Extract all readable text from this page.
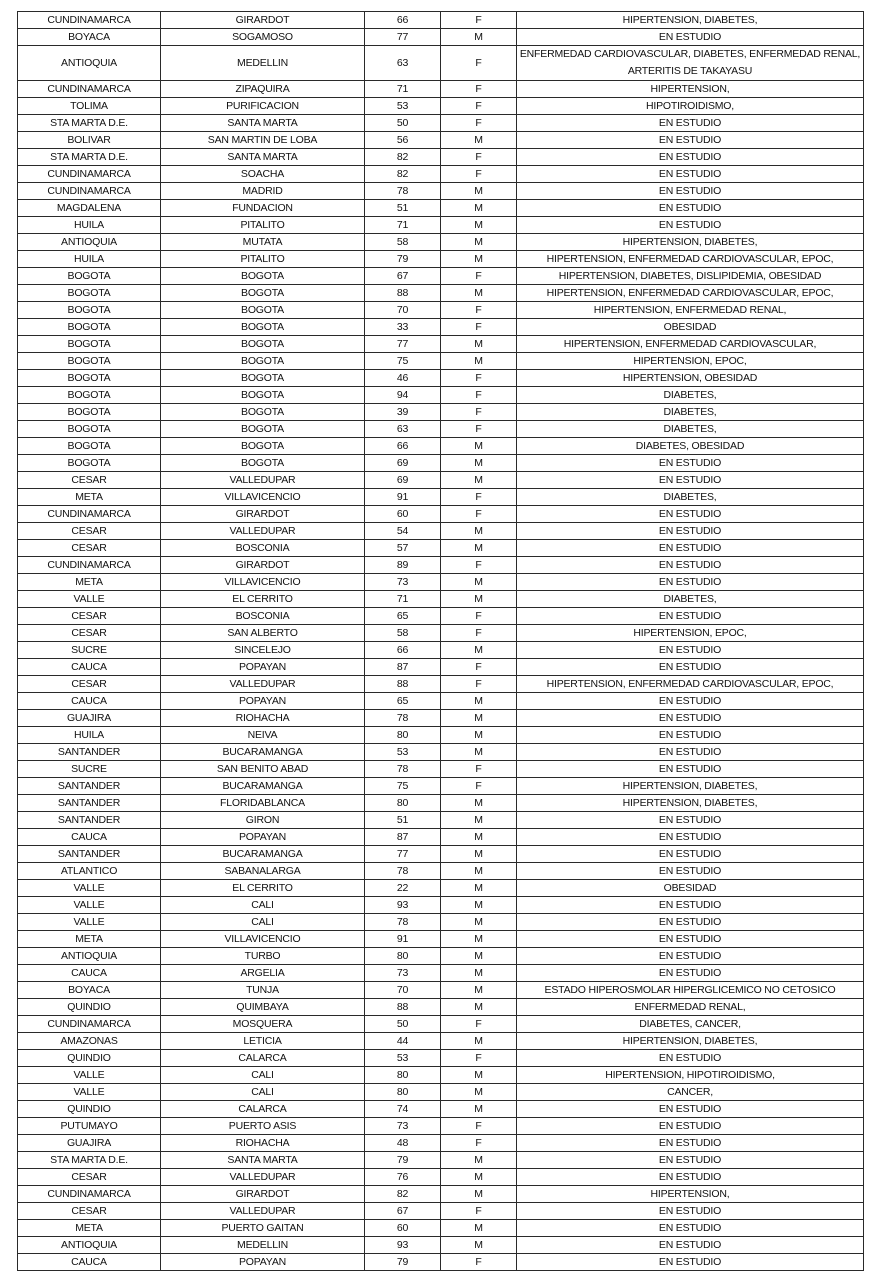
CUNDINAMARCA	GIRARDOT	66	F	HIPERTENSION, DIABETES,
BOYACA	SOGAMOSO	77	M	EN ESTUDIO
ANTIOQUIA	MEDELLIN	63	F	ENFERMEDAD CARDIOVASCULAR, DIABETES, ENFERMEDAD RENAL, ARTERITIS DE TAKAYASU
CUNDINAMARCA	ZIPAQUIRA	71	F	HIPERTENSION,
TOLIMA	PURIFICACION	53	F	HIPOTIROIDISMO,
STA MARTA D.E.	SANTA MARTA	50	F	EN ESTUDIO
BOLIVAR	SAN MARTIN DE LOBA	56	M	EN ESTUDIO
STA MARTA D.E.	SANTA MARTA	82	F	EN ESTUDIO
CUNDINAMARCA	SOACHA	82	F	EN ESTUDIO
CUNDINAMARCA	MADRID	78	M	EN ESTUDIO
MAGDALENA	FUNDACION	51	M	EN ESTUDIO
HUILA	PITALITO	71	M	EN ESTUDIO
ANTIOQUIA	MUTATA	58	M	HIPERTENSION, DIABETES,
HUILA	PITALITO	79	M	HIPERTENSION, ENFERMEDAD CARDIOVASCULAR, EPOC,
BOGOTA	BOGOTA	67	F	HIPERTENSION, DIABETES, DISLIPIDEMIA, OBESIDAD
BOGOTA	BOGOTA	88	M	HIPERTENSION, ENFERMEDAD CARDIOVASCULAR, EPOC,
BOGOTA	BOGOTA	70	F	HIPERTENSION, ENFERMEDAD RENAL,
BOGOTA	BOGOTA	33	F	OBESIDAD
BOGOTA	BOGOTA	77	M	HIPERTENSION, ENFERMEDAD CARDIOVASCULAR,
BOGOTA	BOGOTA	75	M	HIPERTENSION, EPOC,
BOGOTA	BOGOTA	46	F	HIPERTENSION, OBESIDAD
BOGOTA	BOGOTA	94	F	DIABETES,
BOGOTA	BOGOTA	39	F	DIABETES,
BOGOTA	BOGOTA	63	F	DIABETES,
BOGOTA	BOGOTA	66	M	DIABETES, OBESIDAD
BOGOTA	BOGOTA	69	M	EN ESTUDIO
CESAR	VALLEDUPAR	69	M	EN ESTUDIO
META	VILLAVICENCIO	91	F	DIABETES,
CUNDINAMARCA	GIRARDOT	60	F	EN ESTUDIO
CESAR	VALLEDUPAR	54	M	EN ESTUDIO
CESAR	BOSCONIA	57	M	EN ESTUDIO
CUNDINAMARCA	GIRARDOT	89	F	EN ESTUDIO
META	VILLAVICENCIO	73	M	EN ESTUDIO
VALLE	EL CERRITO	71	M	DIABETES,
CESAR	BOSCONIA	65	F	EN ESTUDIO
CESAR	SAN ALBERTO	58	F	HIPERTENSION, EPOC,
SUCRE	SINCELEJO	66	M	EN ESTUDIO
CAUCA	POPAYAN	87	F	EN ESTUDIO
CESAR	VALLEDUPAR	88	F	HIPERTENSION, ENFERMEDAD CARDIOVASCULAR, EPOC,
CAUCA	POPAYAN	65	M	EN ESTUDIO
GUAJIRA	RIOHACHA	78	M	EN ESTUDIO
HUILA	NEIVA	80	M	EN ESTUDIO
SANTANDER	BUCARAMANGA	53	M	EN ESTUDIO
SUCRE	SAN BENITO ABAD	78	F	EN ESTUDIO
SANTANDER	BUCARAMANGA	75	F	HIPERTENSION, DIABETES,
SANTANDER	FLORIDABLANCA	80	M	HIPERTENSION, DIABETES,
SANTANDER	GIRON	51	M	EN ESTUDIO
CAUCA	POPAYAN	87	M	EN ESTUDIO
SANTANDER	BUCARAMANGA	77	M	EN ESTUDIO
ATLANTICO	SABANALARGA	78	M	EN ESTUDIO
VALLE	EL CERRITO	22	M	OBESIDAD
VALLE	CALI	93	M	EN ESTUDIO
VALLE	CALI	78	M	EN ESTUDIO
META	VILLAVICENCIO	91	M	EN ESTUDIO
ANTIOQUIA	TURBO	80	M	EN ESTUDIO
CAUCA	ARGELIA	73	M	EN ESTUDIO
BOYACA	TUNJA	70	M	ESTADO HIPEROSMOLAR HIPERGLICEMICO NO CETOSICO
QUINDIO	QUIMBAYA	88	M	ENFERMEDAD RENAL,
CUNDINAMARCA	MOSQUERA	50	F	DIABETES, CANCER,
AMAZONAS	LETICIA	44	M	HIPERTENSION, DIABETES,
QUINDIO	CALARCA	53	F	EN ESTUDIO
VALLE	CALI	80	M	HIPERTENSION, HIPOTIROIDISMO,
VALLE	CALI	80	M	CANCER,
QUINDIO	CALARCA	74	M	EN ESTUDIO
PUTUMAYO	PUERTO ASIS	73	F	EN ESTUDIO
GUAJIRA	RIOHACHA	48	F	EN ESTUDIO
STA MARTA D.E.	SANTA MARTA	79	M	EN ESTUDIO
CESAR	VALLEDUPAR	76	M	EN ESTUDIO
CUNDINAMARCA	GIRARDOT	82	M	HIPERTENSION,
CESAR	VALLEDUPAR	67	F	EN ESTUDIO
META	PUERTO GAITAN	60	M	EN ESTUDIO
ANTIOQUIA	MEDELLIN	93	M	EN ESTUDIO
CAUCA	POPAYAN	79	F	EN ESTUDIO
